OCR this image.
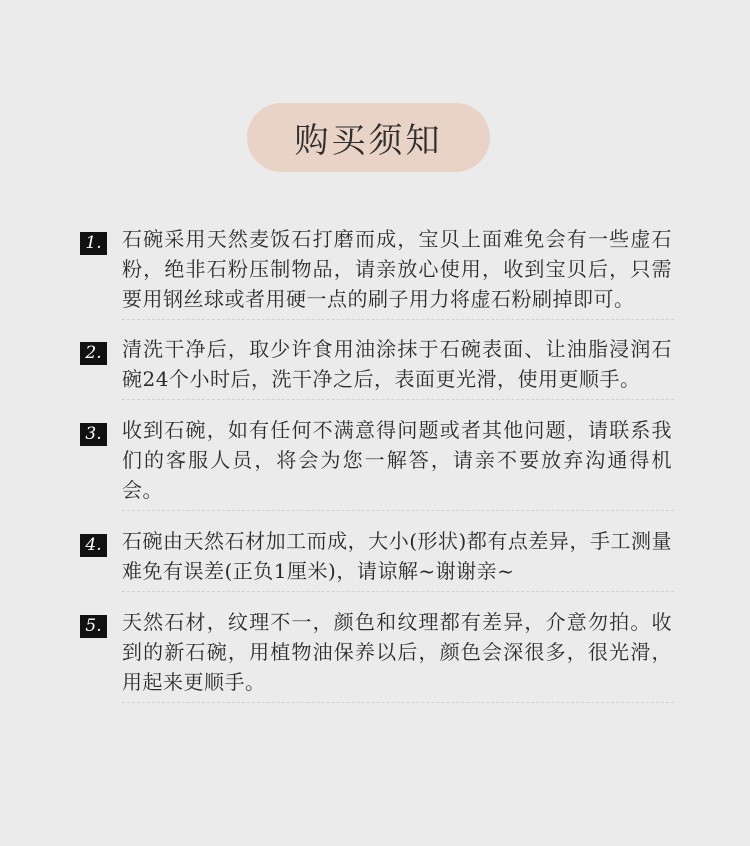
购买须知
1. 石碗采用天然麦饭石打磨而成，宝贝上面难免会有一些虚石粉，绝非石粉压制物品，请亲放心使用，收到宝贝后，只需要用钢丝球或者用硬一点的刷子用力将虚石粉刷掉即可。
2. 清洗干净后，取少许食用油涂抹于石碗表面、让油脂浸润石碗24个小时后，洗干净之后，表面更光滑，使用更顺手。
3. 收到石碗，如有任何不满意得问题或者其他问题，请联系我们的客服人员，将会为您一解答，请亲不要放弃沟通得机会。
4. 石碗由天然石材加工而成，大小(形状)都有点差异，手工测量难免有误差(正负1厘米)，请谅解~谢谢亲~
5. 天然石材，纹理不一，颜色和纹理都有差异，介意勿拍。收到的新石碗，用植物油保养以后，颜色会深很多，很光滑，用起来更顺手。
